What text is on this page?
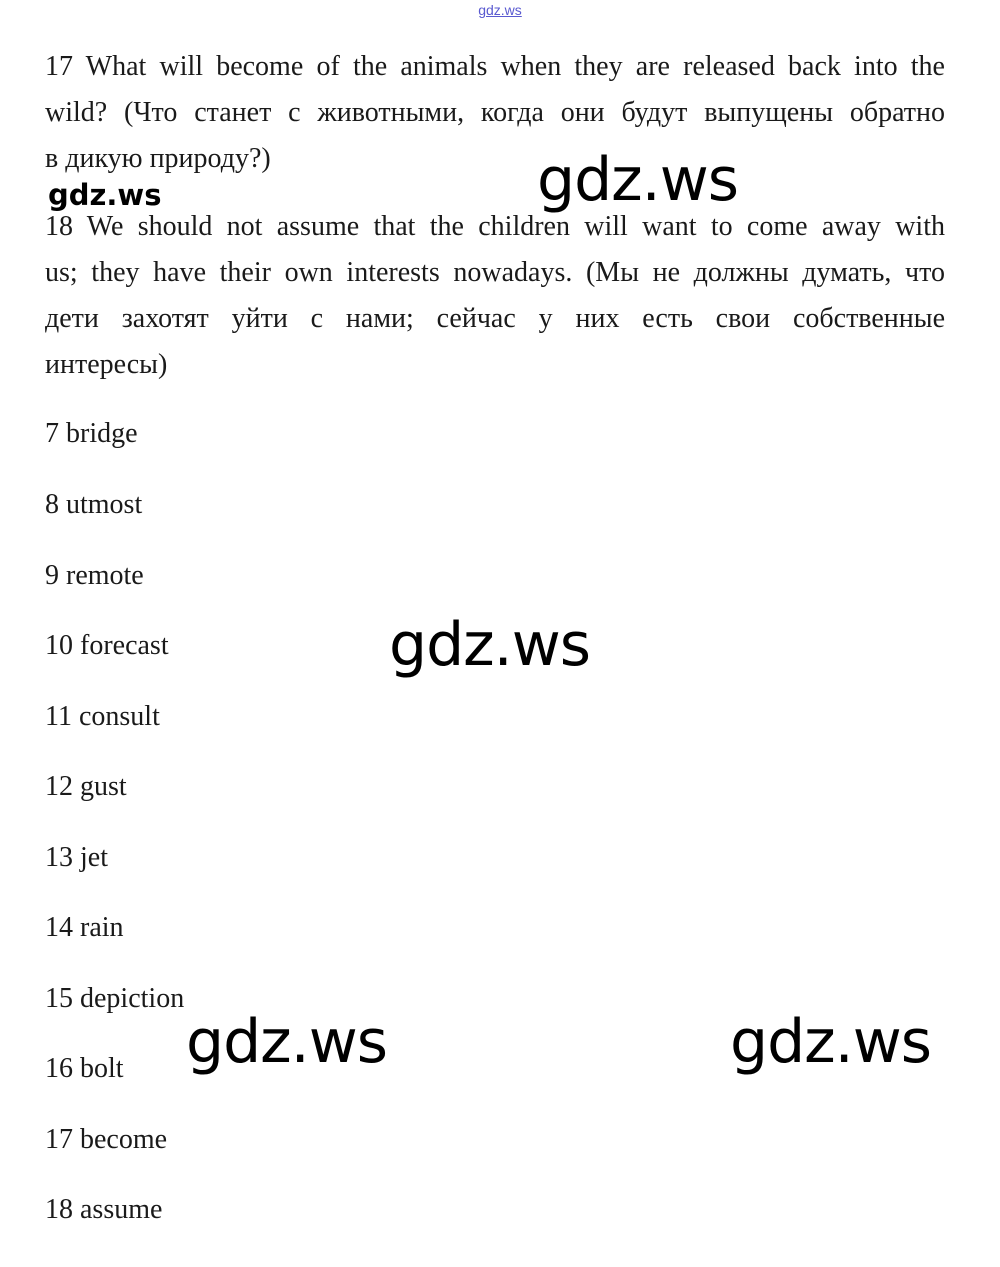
gdz.ws
17 What will become of the animals when they are released back into the
wild? (Что станет с животными, когда они будут выпущены обратно
в дикую природу?)
18 We should not assume that the children will want to come away with
us; they have their own interests nowadays. (Мы не должны думать, что
дети захотят уйти с нами; сейчас у них есть свои собственные
интересы)

7 bridge

8 utmost

9 remote

10 forecast

11 consult

12 gust

13 jet

14 rain

15 depiction

16 bolt

17 become

18 assume

gdz.ws
gdz.ws
gdz.ws
gdz.ws	gdz.ws
